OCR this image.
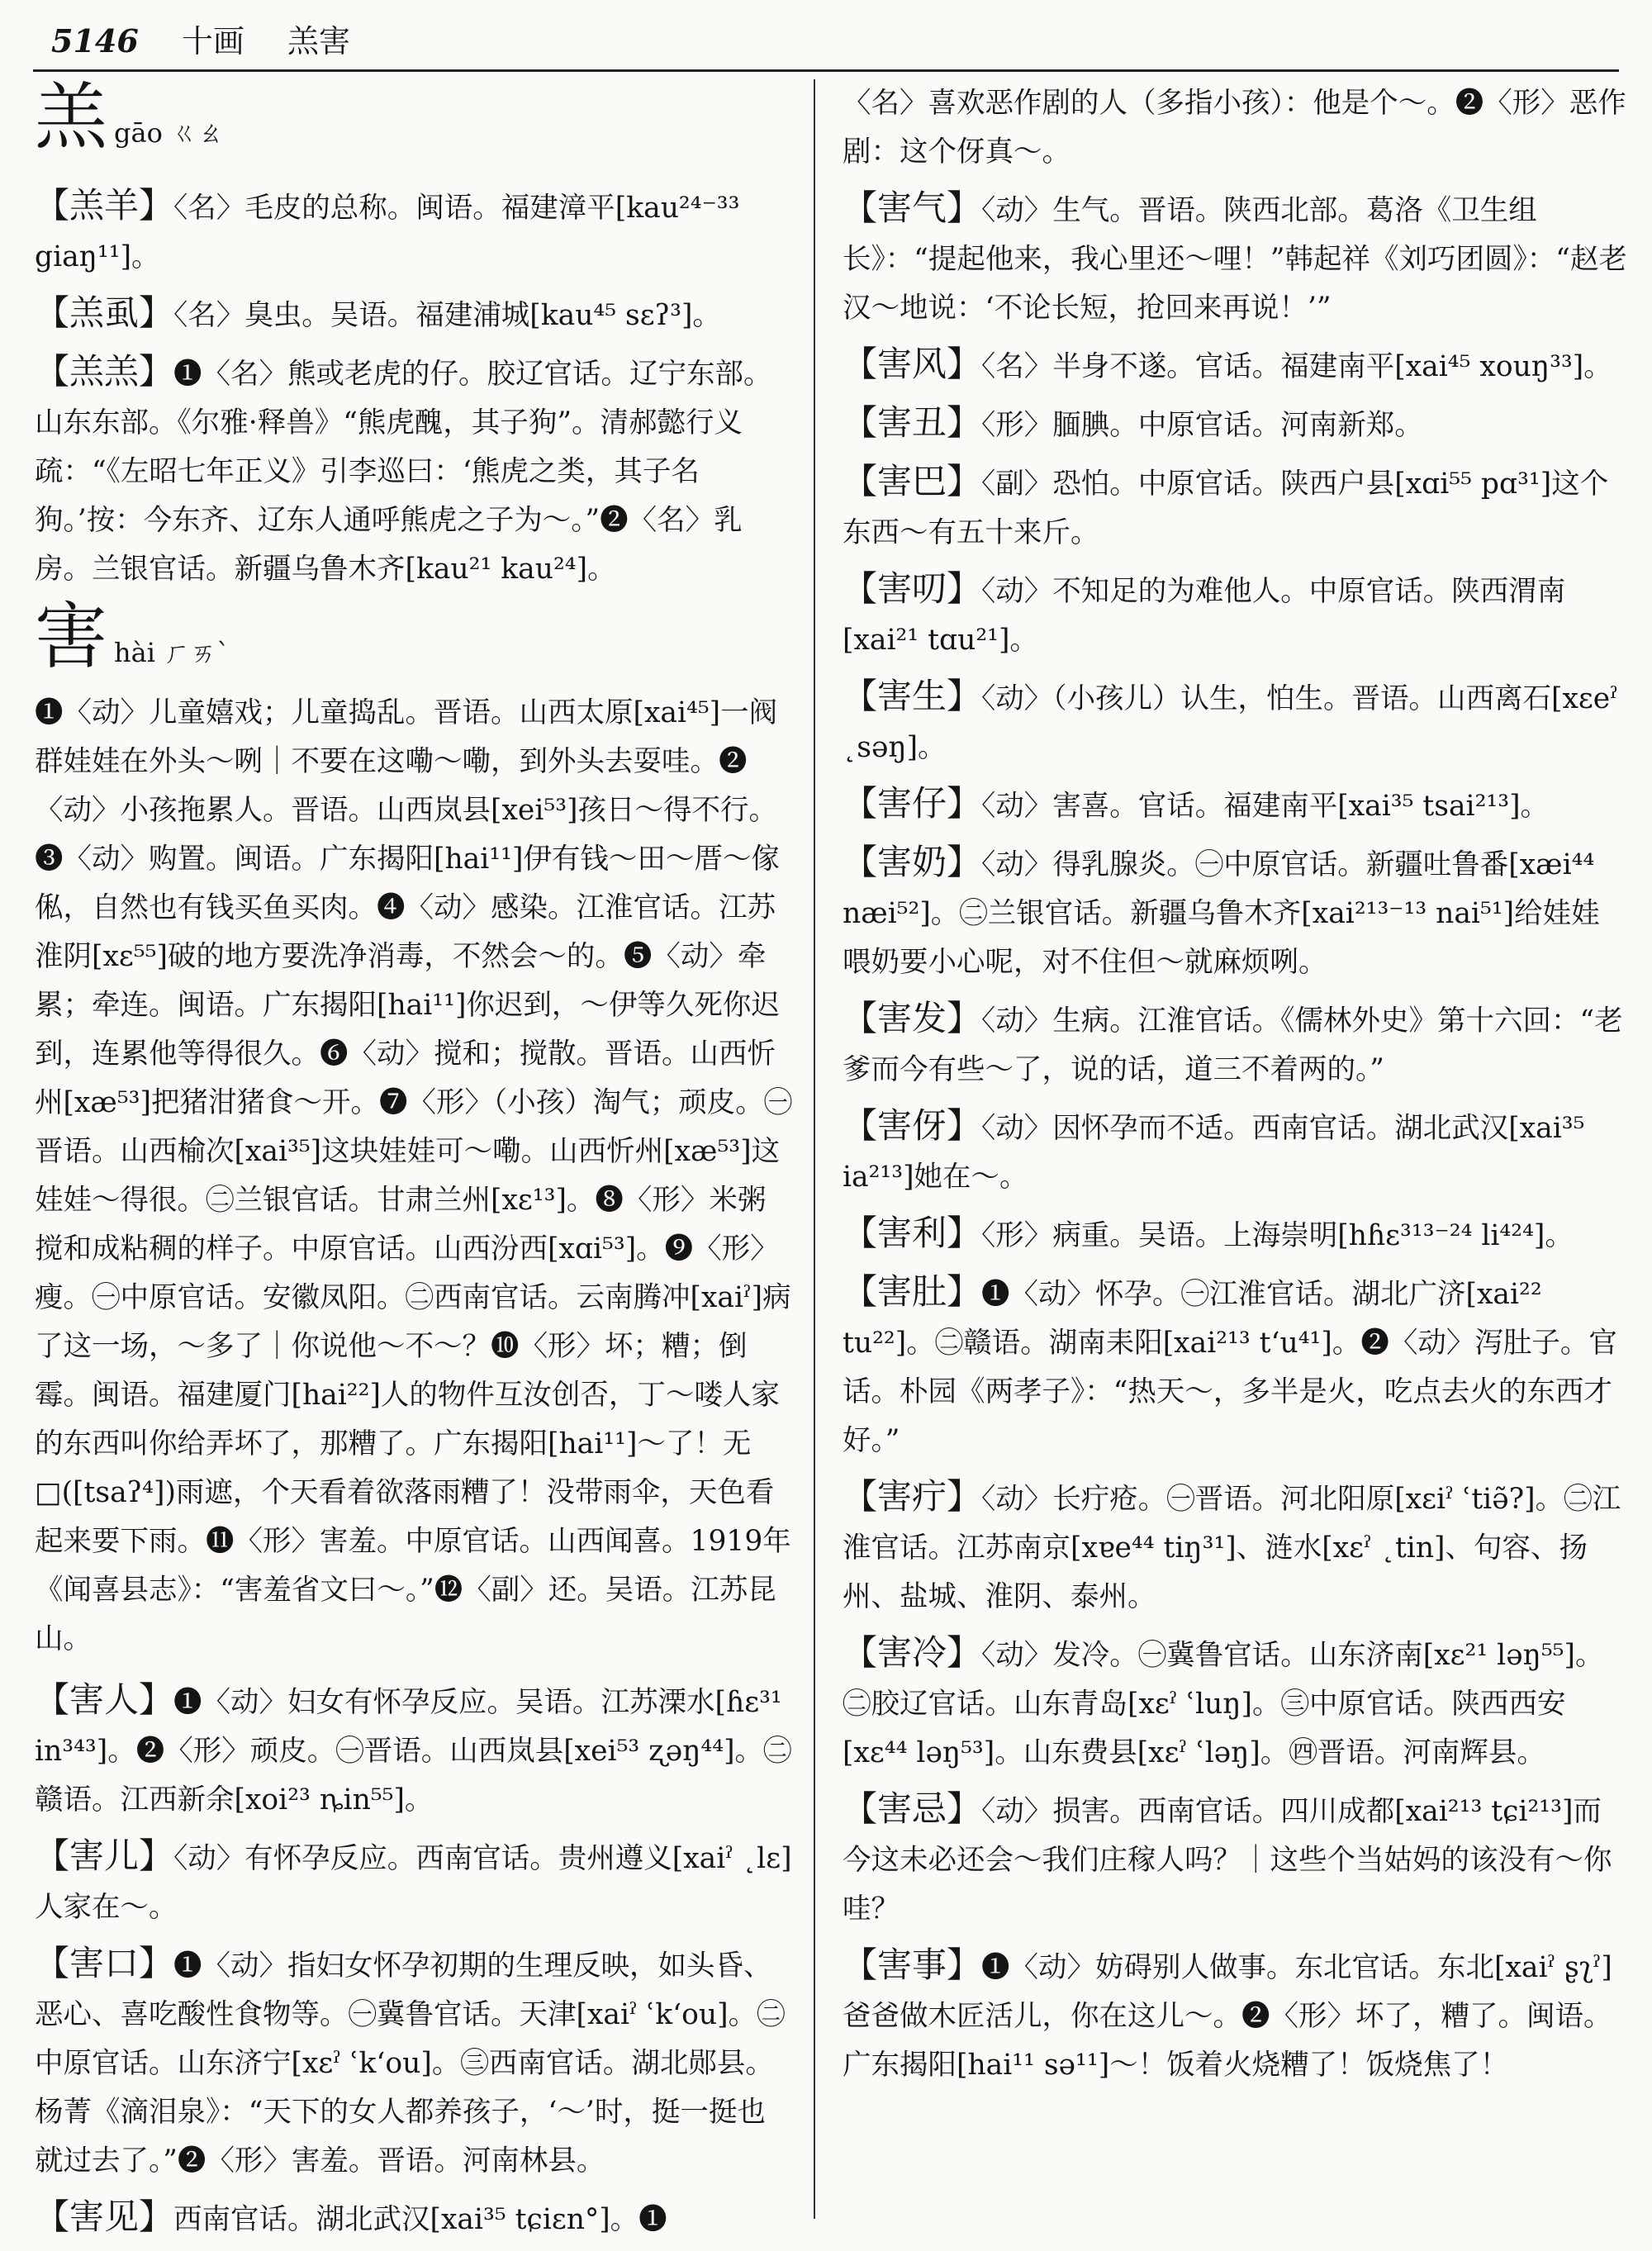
5146 十画 羔害
羔gāo ㄍㄠ
【羔羊】〈名〉毛皮的总称。闽语。福建漳平[kau²⁴⁻³³ giaŋ¹¹]。
【羔虱】〈名〉臭虫。吴语。福建浦城[kau⁴⁵ sɛʔ³]。
【羔羔】❶〈名〉熊或老虎的仔。胶辽官话。辽宁东部。山东东部。《尔雅·释兽》“熊虎醜，其子狗”。清郝懿行义疏：“《左昭七年正义》引李巡曰：‘熊虎之类，其子名狗。’按：今东齐、辽东人通呼熊虎之子为～。”❷〈名〉乳房。兰银官话。新疆乌鲁木齐[kau²¹ kau²⁴]。
害hài ㄏㄞˋ
❶〈动〉儿童嬉戏；儿童捣乱。晋语。山西太原[xai⁴⁵]一阀群娃娃在外头～咧｜不要在这嘞～嘞，到外头去耍哇。❷〈动〉小孩拖累人。晋语。山西岚县[xei⁵³]孩日～得不行。❸〈动〉购置。闽语。广东揭阳[hai¹¹]伊有钱～田～厝～傢俬，自然也有钱买鱼买肉。❹〈动〉感染。江淮官话。江苏淮阴[xɛ⁵⁵]破的地方要洗净消毒，不然会～的。❺〈动〉牵累；牵连。闽语。广东揭阳[hai¹¹]你迟到，～伊等久死你迟到，连累他等得很久。❻〈动〉搅和；搅散。晋语。山西忻州[xæ⁵³]把猪泔猪食～开。❼〈形〉（小孩）淘气；顽皮。㊀晋语。山西榆次[xai³⁵]这块娃娃可～嘞。山西忻州[xæ⁵³]这娃娃～得很。㊁兰银官话。甘肃兰州[xɛ¹³]。❽〈形〉米粥搅和成粘稠的样子。中原官话。山西汾西[xɑi⁵³]。❾〈形〉瘦。㊀中原官话。安徽凤阳。㊁西南官话。云南腾冲[xaiˀ]病了这一场，～多了｜你说他～不～？❿〈形〉坏；糟；倒霉。闽语。福建厦门[hai²²]人的物件互汝创否，丁～喽人家的东西叫你给弄坏了，那糟了。广东揭阳[hai¹¹]～了！无□([tsaʔ⁴])雨遮，个天看着欲落雨糟了！没带雨伞，天色看起来要下雨。⓫〈形〉害羞。中原官话。山西闻喜。1919年《闻喜县志》：“害羞省文曰～。”⓬〈副〉还。吴语。江苏昆山。
【害人】❶〈动〉妇女有怀孕反应。吴语。江苏溧水[ɦɛ³¹ in³⁴³]。❷〈形〉顽皮。㊀晋语。山西岚县[xei⁵³ ʐəŋ⁴⁴]。㊁赣语。江西新余[xoi²³ ȵin⁵⁵]。
【害儿】〈动〉有怀孕反应。西南官话。贵州遵义[xaiˀ ˛lɛ]人家在～。
【害口】❶〈动〉指妇女怀孕初期的生理反映，如头昏、恶心、喜吃酸性食物等。㊀冀鲁官话。天津[xaiˀ ʿk‘ou]。㊁中原官话。山东济宁[xɛˀ ʿk‘ou]。㊂西南官话。湖北郧县。杨菁《滴泪泉》：“天下的女人都养孩子，‘～’时，挺一挺也就过去了。”❷〈形〉害羞。晋语。河南林县。
【害见】西南官话。湖北武汉[xai³⁵ tɕiɛn°]。❶
〈名〉喜欢恶作剧的人（多指小孩）：他是个～。❷〈形〉恶作剧：这个伢真～。
【害气】〈动〉生气。晋语。陕西北部。葛洛《卫生组长》：“提起他来，我心里还～哩！”韩起祥《刘巧团圆》：“赵老汉～地说：‘不论长短，抢回来再说！’”
【害风】〈名〉半身不遂。官话。福建南平[xai⁴⁵ xouŋ³³]。
【害丑】〈形〉腼腆。中原官话。河南新郑。
【害巴】〈副〉恐怕。中原官话。陕西户县[xɑi⁵⁵ pɑ³¹]这个东西～有五十来斤。
【害叨】〈动〉不知足的为难他人。中原官话。陕西渭南[xai²¹ tɑu²¹]。
【害生】〈动〉（小孩儿）认生，怕生。晋语。山西离石[xɛeˀ ˛səŋ]。
【害仔】〈动〉害喜。官话。福建南平[xai³⁵ tsai²¹³]。
【害奶】〈动〉得乳腺炎。㊀中原官话。新疆吐鲁番[xæi⁴⁴ næi⁵²]。㊁兰银官话。新疆乌鲁木齐[xai²¹³⁻¹³ nai⁵¹]给娃娃喂奶要小心呢，对不住但～就麻烦咧。
【害发】〈动〉生病。江淮官话。《儒林外史》第十六回：“老爹而今有些～了，说的话，道三不着两的。”
【害伢】〈动〉因怀孕而不适。西南官话。湖北武汉[xai³⁵ ia²¹³]她在～。
【害利】〈形〉病重。吴语。上海崇明[hɦɛ³¹³⁻²⁴ li⁴²⁴]。
【害肚】❶〈动〉怀孕。㊀江淮官话。湖北广济[xai²² tu²²]。㊁赣语。湖南耒阳[xai²¹³ t‘u⁴¹]。❷〈动〉泻肚子。官话。朴园《两孝子》：“热天～，多半是火，吃点去火的东西才好。”
【害疔】〈动〉长疔疮。㊀晋语。河北阳原[xɛiˀ ʿtiə̃?]。㊁江淮官话。江苏南京[xɐe⁴⁴ tiŋ³¹]、涟水[xɛˀ ˛tin]、句容、扬州、盐城、淮阴、泰州。
【害冷】〈动〉发冷。㊀冀鲁官话。山东济南[xɛ²¹ ləŋ⁵⁵]。㊁胶辽官话。山东青岛[xɛˀ ʿluŋ]。㊂中原官话。陕西西安[xɛ⁴⁴ ləŋ⁵³]。山东费县[xɛˀ ʿləŋ]。㊃晋语。河南辉县。
【害忌】〈动〉损害。西南官话。四川成都[xai²¹³ tɕi²¹³]而今这未必还会～我们庄稼人吗？｜这些个当姑妈的该没有～你哇？
【害事】❶〈动〉妨碍别人做事。东北官话。东北[xaiˀ ʂʅˀ]爸爸做木匠活儿，你在这儿～。❷〈形〉坏了，糟了。闽语。广东揭阳[hai¹¹ sə¹¹]～！饭着火烧糟了！饭烧焦了！
